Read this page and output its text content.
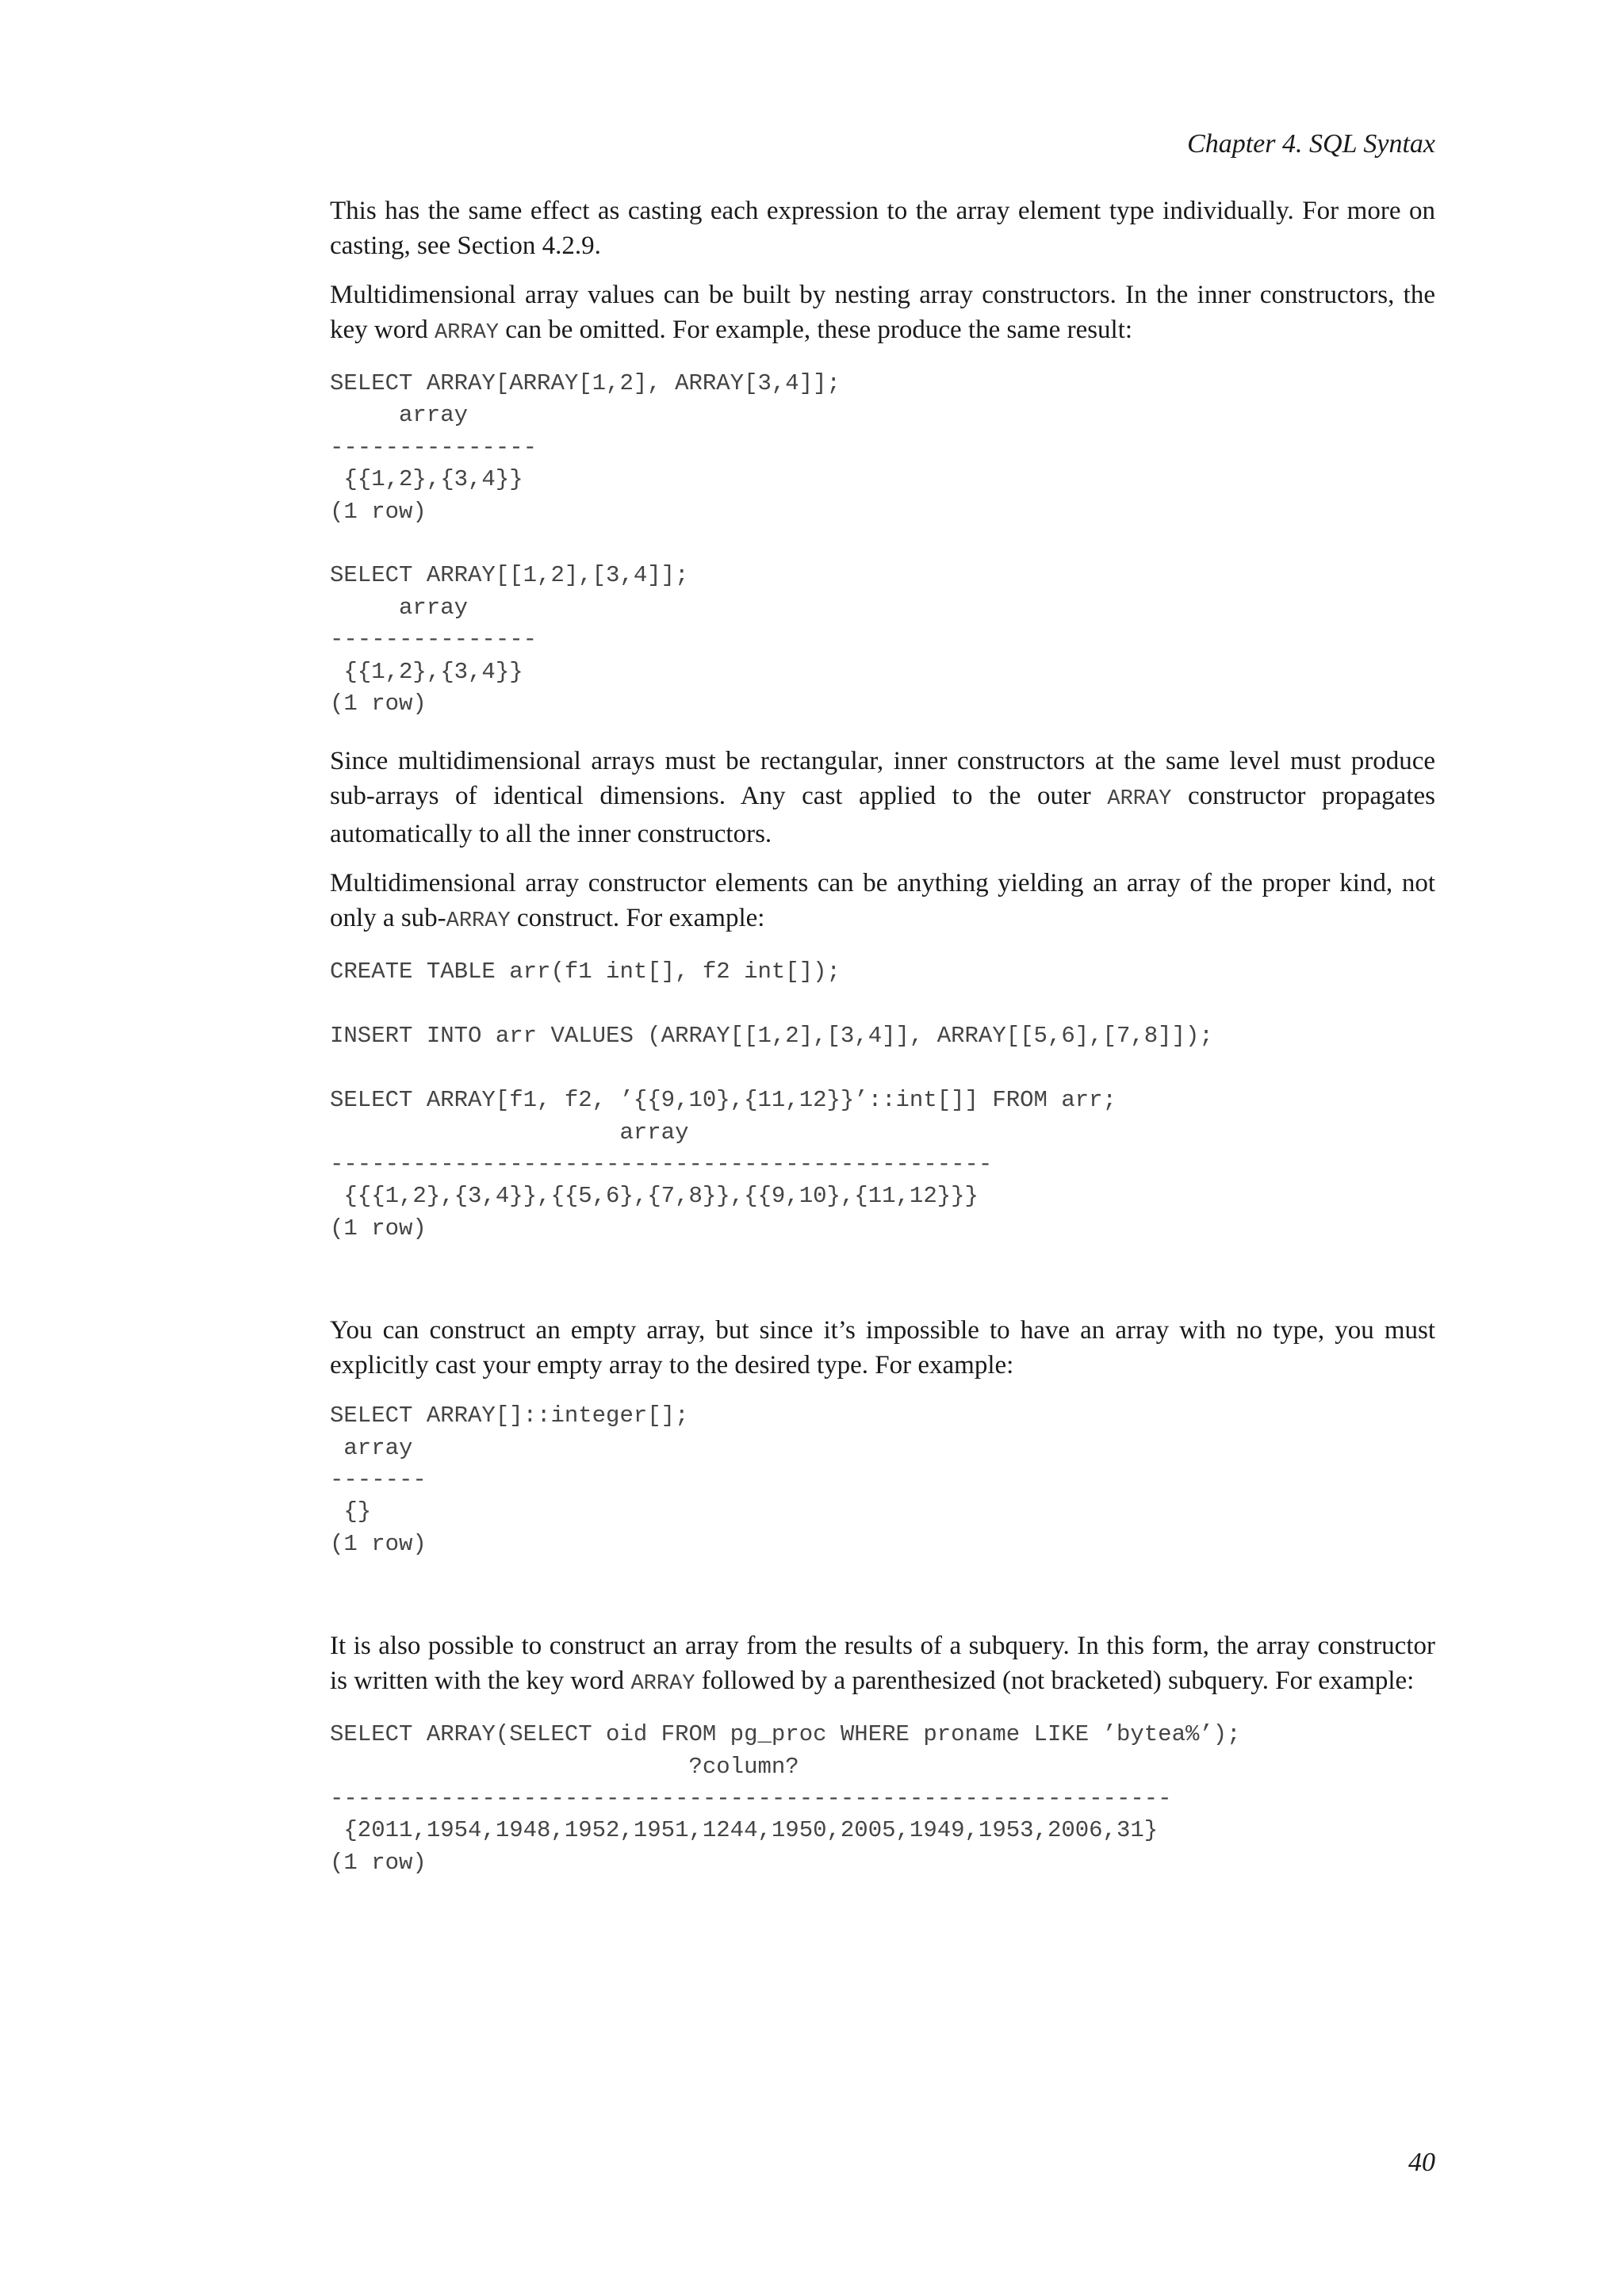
Chapter 4. SQL Syntax

This has the same effect as casting each expression to the array element type individually. For more on casting, see Section 4.2.9.

Multidimensional array values can be built by nesting array constructors. In the inner constructors, the key word ARRAY can be omitted. For example, these produce the same result:

SELECT ARRAY[ARRAY[1,2], ARRAY[3,4]];
array
---------------
{{1,2},{3,4}}
(1 row)

SELECT ARRAY[[1,2],[3,4]];
array
---------------
{{1,2},{3,4}}
(1 row)

Since multidimensional arrays must be rectangular, inner constructors at the same level must produce sub-arrays of identical dimensions. Any cast applied to the outer ARRAY constructor propagates automatically to all the inner constructors.

Multidimensional array constructor elements can be anything yielding an array of the proper kind, not only a sub-ARRAY construct. For example:

CREATE TABLE arr(f1 int[], f2 int[]);

INSERT INTO arr VALUES (ARRAY[[1,2],[3,4]], ARRAY[[5,6],[7,8]]);

SELECT ARRAY[f1, f2, ’{{9,10},{11,12}}’::int[]] FROM arr;
array
------------------------------------------------
{{{1,2},{3,4}},{{5,6},{7,8}},{{9,10},{11,12}}}
(1 row)

You can construct an empty array, but since it’s impossible to have an array with no type, you must explicitly cast your empty array to the desired type. For example:

SELECT ARRAY[]::integer[];
array
-------
{}
(1 row)

It is also possible to construct an array from the results of a subquery. In this form, the array constructor is written with the key word ARRAY followed by a parenthesized (not bracketed) subquery. For example:

SELECT ARRAY(SELECT oid FROM pg_proc WHERE proname LIKE ’bytea%’);
?column?
-------------------------------------------------------------
{2011,1954,1948,1952,1951,1244,1950,2005,1949,1953,2006,31}
(1 row)
40
